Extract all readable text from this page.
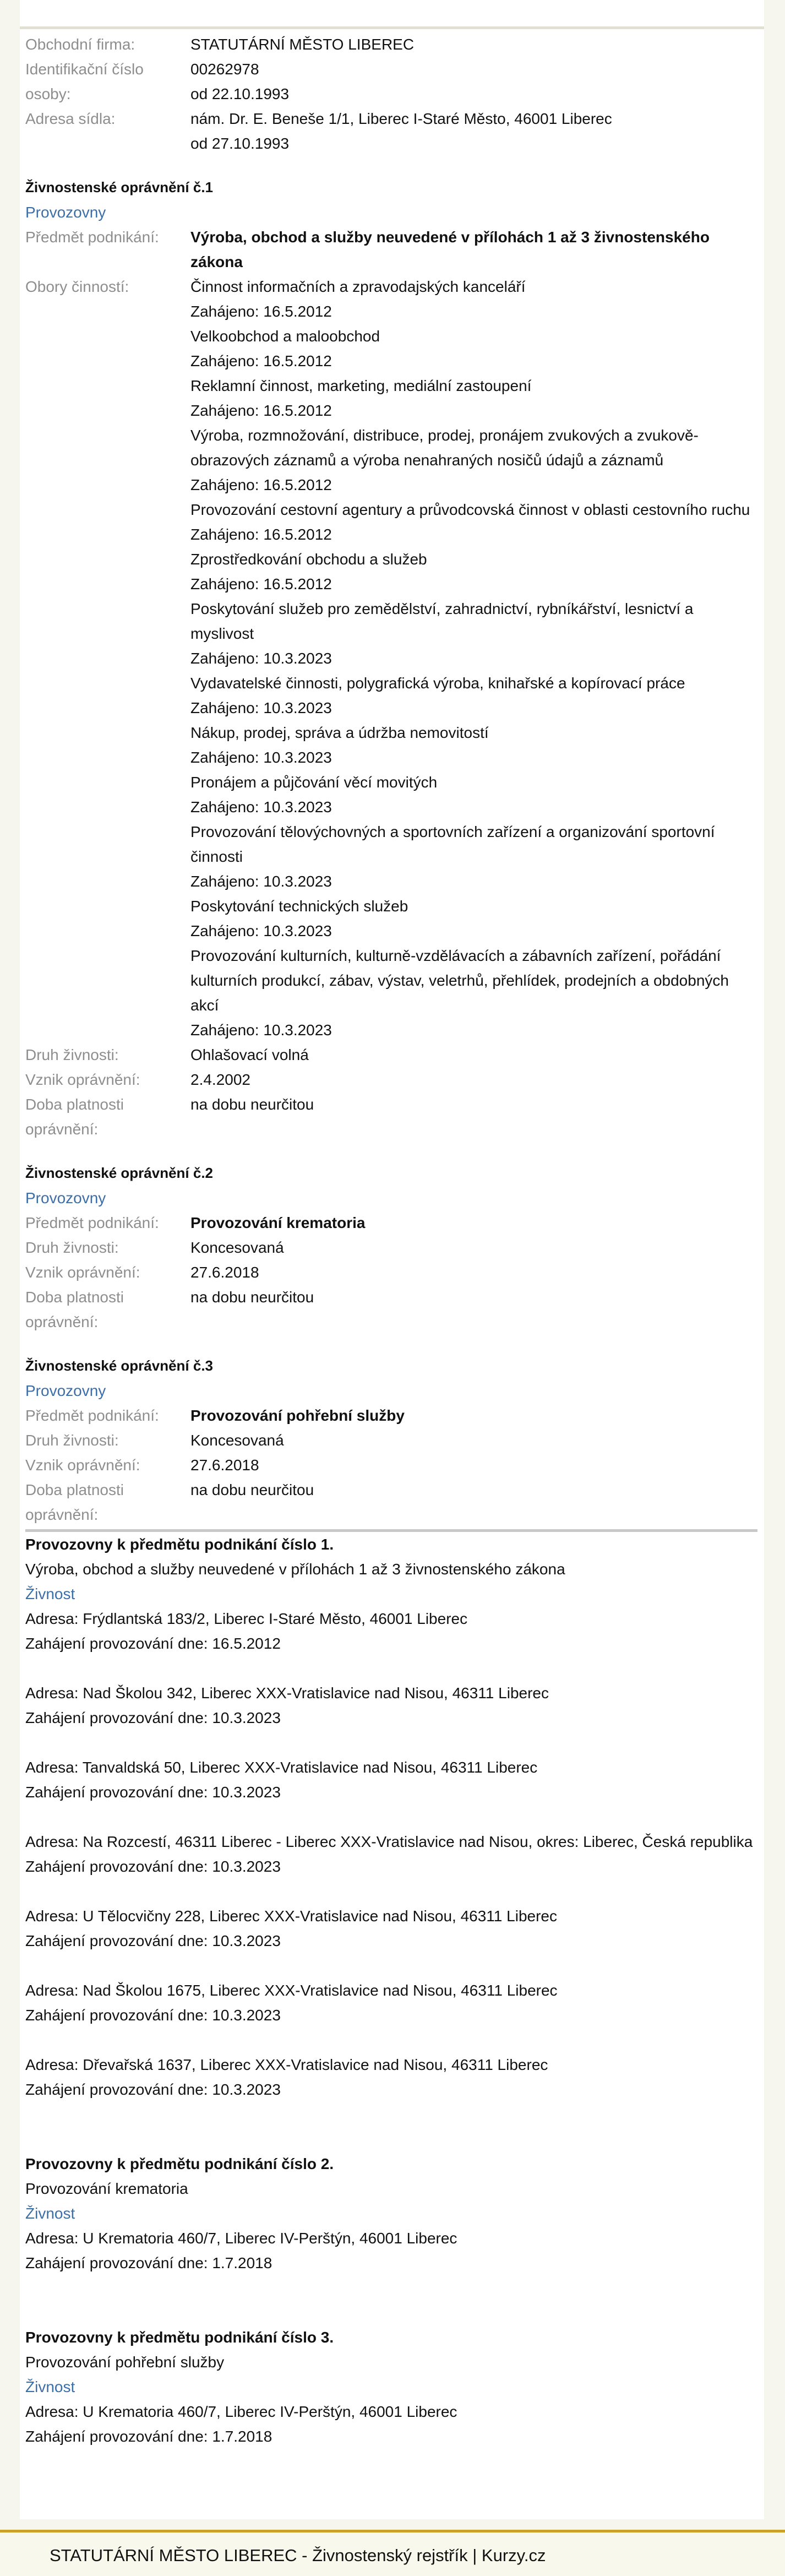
Obchodní firma:	STATUTÁRNÍ MĚSTO LIBEREC
Identifikační číslo	00262978
osoby:	od 22.10.1993
Adresa sídla:	nám. Dr. E. Beneše 1/1, Liberec I-Staré Město, 46001 Liberec
od 27.10.1993
Živnostenské oprávnění č.1
Provozovny
Předmět podnikání:	Výroba, obchod a služby neuvedené v přílohách 1 až 3 živnostenského zákona
Obory činností:	Činnost informačních a zpravodajských kanceláří
Zahájeno: 16.5.2012
Velkoobchod a maloobchod
Zahájeno: 16.5.2012
Reklamní činnost, marketing, mediální zastoupení
Zahájeno: 16.5.2012
Výroba, rozmnožování, distribuce, prodej, pronájem zvukových a zvukově-obrazových záznamů a výroba nenahraných nosičů údajů a záznamů
Zahájeno: 16.5.2012
Provozování cestovní agentury a průvodcovská činnost v oblasti cestovního ruchu
Zahájeno: 16.5.2012
Zprostředkování obchodu a služeb
Zahájeno: 16.5.2012
Poskytování služeb pro zemědělství, zahradnictví, rybníkářství, lesnictví a myslivost
Zahájeno: 10.3.2023
Vydavatelské činnosti, polygrafická výroba, knihařské a kopírovací práce
Zahájeno: 10.3.2023
Nákup, prodej, správa a údržba nemovitostí
Zahájeno: 10.3.2023
Pronájem a půjčování věcí movitých
Zahájeno: 10.3.2023
Provozování tělovýchovných a sportovních zařízení a organizování sportovní činnosti
Zahájeno: 10.3.2023
Poskytování technických služeb
Zahájeno: 10.3.2023
Provozování kulturních, kulturně-vzdělávacích a zábavních zařízení, pořádání kulturních produkcí, zábav, výstav, veletrhů, přehlídek, prodejních a obdobných akcí
Zahájeno: 10.3.2023
Druh živnosti:	Ohlašovací volná
Vznik oprávnění:	2.4.2002
Doba platnosti oprávnění:
na dobu neurčitou
Živnostenské oprávnění č.2
Provozovny
Předmět podnikání:	Provozování krematoria
Druh živnosti:	Koncesovaná
Vznik oprávnění:	27.6.2018
Doba platnosti oprávnění:
na dobu neurčitou
Živnostenské oprávnění č.3
Provozovny
Předmět podnikání:	Provozování pohřební služby
Druh živnosti:	Koncesovaná
Vznik oprávnění:	27.6.2018
Doba platnosti oprávnění:
na dobu neurčitou
Provozovny k předmětu podnikání číslo 1.
Výroba, obchod a služby neuvedené v přílohách 1 až 3 živnostenského zákona
Živnost
Adresa: Frýdlantská 183/2, Liberec I-Staré Město, 46001 Liberec
Zahájení provozování dne: 16.5.2012
Adresa: Nad Školou 342, Liberec XXX-Vratislavice nad Nisou, 46311 Liberec
Zahájení provozování dne: 10.3.2023
Adresa: Tanvaldská 50, Liberec XXX-Vratislavice nad Nisou, 46311 Liberec
Zahájení provozování dne: 10.3.2023
Adresa: Na Rozcestí, 46311 Liberec - Liberec XXX-Vratislavice nad Nisou, okres: Liberec, Česká republika
Zahájení provozování dne: 10.3.2023
Adresa: U Tělocvičny 228, Liberec XXX-Vratislavice nad Nisou, 46311 Liberec
Zahájení provozování dne: 10.3.2023
Adresa: Nad Školou 1675, Liberec XXX-Vratislavice nad Nisou, 46311 Liberec
Zahájení provozování dne: 10.3.2023
Adresa: Dřevařská 1637, Liberec XXX-Vratislavice nad Nisou, 46311 Liberec
Zahájení provozování dne: 10.3.2023
Provozovny k předmětu podnikání číslo 2.
Provozování krematoria
Živnost
Adresa: U Krematoria 460/7, Liberec IV-Perštýn, 46001 Liberec
Zahájení provozování dne: 1.7.2018
Provozovny k předmětu podnikání číslo 3.
Provozování pohřební služby
Živnost
Adresa: U Krematoria 460/7, Liberec IV-Perštýn, 46001 Liberec
Zahájení provozování dne: 1.7.2018
STATUTÁRNÍ MĚSTO LIBEREC - Živnostenský rejstřík | Kurzy.cz
